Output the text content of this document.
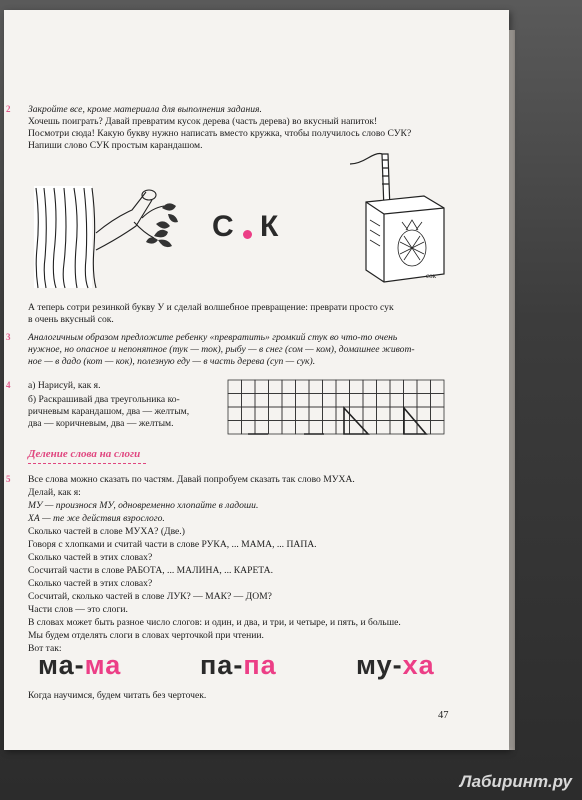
2 Закройте все, кроме материала для выполнения задания.
Хочешь поиграть? Давай превратим кусок дерева (часть дерева) во вкусный напиток!
Посмотри сюда! Какую букву нужно написать вместо кружка, чтобы получилось слово СУК?
Напиши слово СУК простым карандашом.
С К
сок
А теперь сотри резинкой букву У и сделай волшебное превращение: преврати просто сук
в очень вкусный сок.
3 Аналогичным образом предложите ребенку «превратить» громкий стук во что-то очень
нужное, но опасное и непонятное (тук — ток), рыбу — в снег (сом — ком), домашнее живот-
ное — в дадо (кот — кок), полезную еду — в часть дерева (суп — сук).
4 а) Нарисуй, как я.
б) Раскрашивай два треугольника ко-
ричневым карандашом, два — желтым,
два — коричневым, два — желтым.
Деление слова на слоги
5 Все слова можно сказать по частям. Давай попробуем сказать так слово МУХА.
Делай, как я:
МУ — произнося МУ, одновременно хлопайте в ладоши.
ХА — те же действия взрослого.
Сколько частей в слове МУХА? (Две.)
Говоря с хлопками и считай части в слове РУКА, ... МАМА, ... ПАПА.
Сколько частей в этих словах?
Сосчитай части в слове РАБОТА, ... МАЛИНА, ... КАРЕТА.
Сколько частей в этих словах?
Сосчитай, сколько частей в слове ЛУК? — МАК? — ДОМ?
Части слов — это слоги.
В словах может быть разное число слогов: и один, и два, и три, и четыре, и пять, и больше.
Мы будем отделять слоги в словах черточкой при чтении.
Вот так:
ма-ма	па-па	му-ха
Когда научимся, будем читать без черточек.
47
Лабиринт.ру
